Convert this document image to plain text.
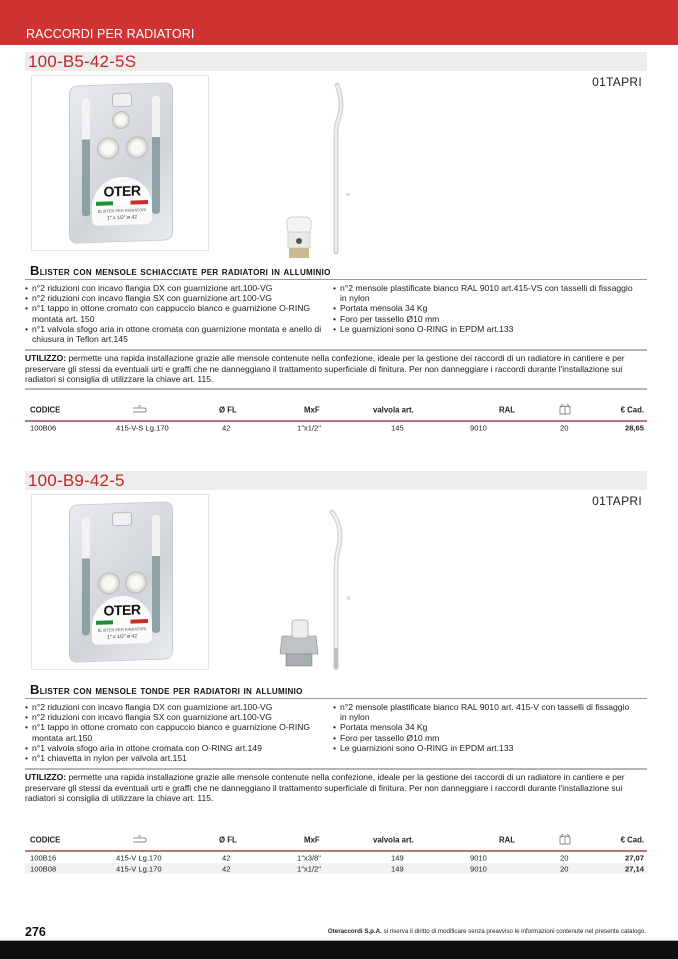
RACCORDI PER RADIATORI
100-B5-42-5S
01TAPRI
OTER
BLISTER PER RADIATORI
1" x 1/2" ø 42
Blister con mensole schiacciate per radiatori in alluminio
• n°2 riduzioni con incavo flangia DX con guarnizione art.100-VG
• n°2 riduzioni con incavo flangia SX con guarnizione art.100-VG
• n°1 tappo in ottone cromato con cappuccio bianco e guarnizione O-RING montata art. 150
• n°1 valvola sfogo aria in ottone cromata con guarnizione montata e anello di chiusura in Teflon art.145
• n°2 mensole plastificate bianco RAL 9010 art.415-VS con tasselli di fissaggio in nylon
• Portata mensola 34 Kg
• Foro per tassello Ø10 mm
• Le guarnizioni sono O-RING in EPDM art.133
UTILIZZO: permette una rapida installazione grazie alle mensole contenute nella confezione, ideale per la gestione dei raccordi di un radiatore in cantiere e per preservare gli stessi da eventuali urti e graffi che ne danneggiano il trattamento superficiale di finitura. Per non danneggiare i raccordi durante l'installazione sui radiatori si consiglia di utilizzare la chiave art. 115.
CODICE	Ø FL	MxF	valvola art.	RAL	€ Cad.
100B06	415-V-S Lg.170	42	1"x1/2"	145	9010	20	28,65
100-B9-42-5
01TAPRI
OTER
BLISTER PER RADIATORI
1" x 1/2" ø 42
Blister con mensole tonde per radiatori in alluminio
• n°2 riduzioni con incavo flangia DX con guarnizione art.100-VG
• n°2 riduzioni con incavo flangia SX con guarnizione art.100-VG
• n°1 tappo in ottone cromato con cappuccio bianco e guarnizione O-RING montata art.150
• n°1 valvola sfogo aria in ottone cromata con O-RING art.149
• n°1 chiavetta in nylon per valvola art.151
• n°2 mensole plastificate bianco RAL 9010 art. 415-V con tasselli di fissaggio in nylon
• Portata mensola 34 Kg
• Foro per tassello Ø10 mm
• Le guarnizioni sono O-RING in EPDM art.133
UTILIZZO: permette una rapida installazione grazie alle mensole contenute nella confezione, ideale per la gestione dei raccordi di un radiatore in cantiere e per preservare gli stessi da eventuali urti e graffi che ne danneggiano il trattamento superficiale di finitura. Per non danneggiare i raccordi durante l'installazione sui radiatori si consiglia di utilizzare la chiave art. 115.
CODICE	Ø FL	MxF	valvola art.	RAL	€ Cad.
100B16	415-V Lg.170	42	1"x3/8"	149	9010	20	27,07
100B08	415-V Lg.170	42	1"x1/2"	149	9010	20	27,14
276	Oteraccordi S.p.A. si riserva il diritto di modificare senza preavviso le informazioni contenute nel presente catalogo.
